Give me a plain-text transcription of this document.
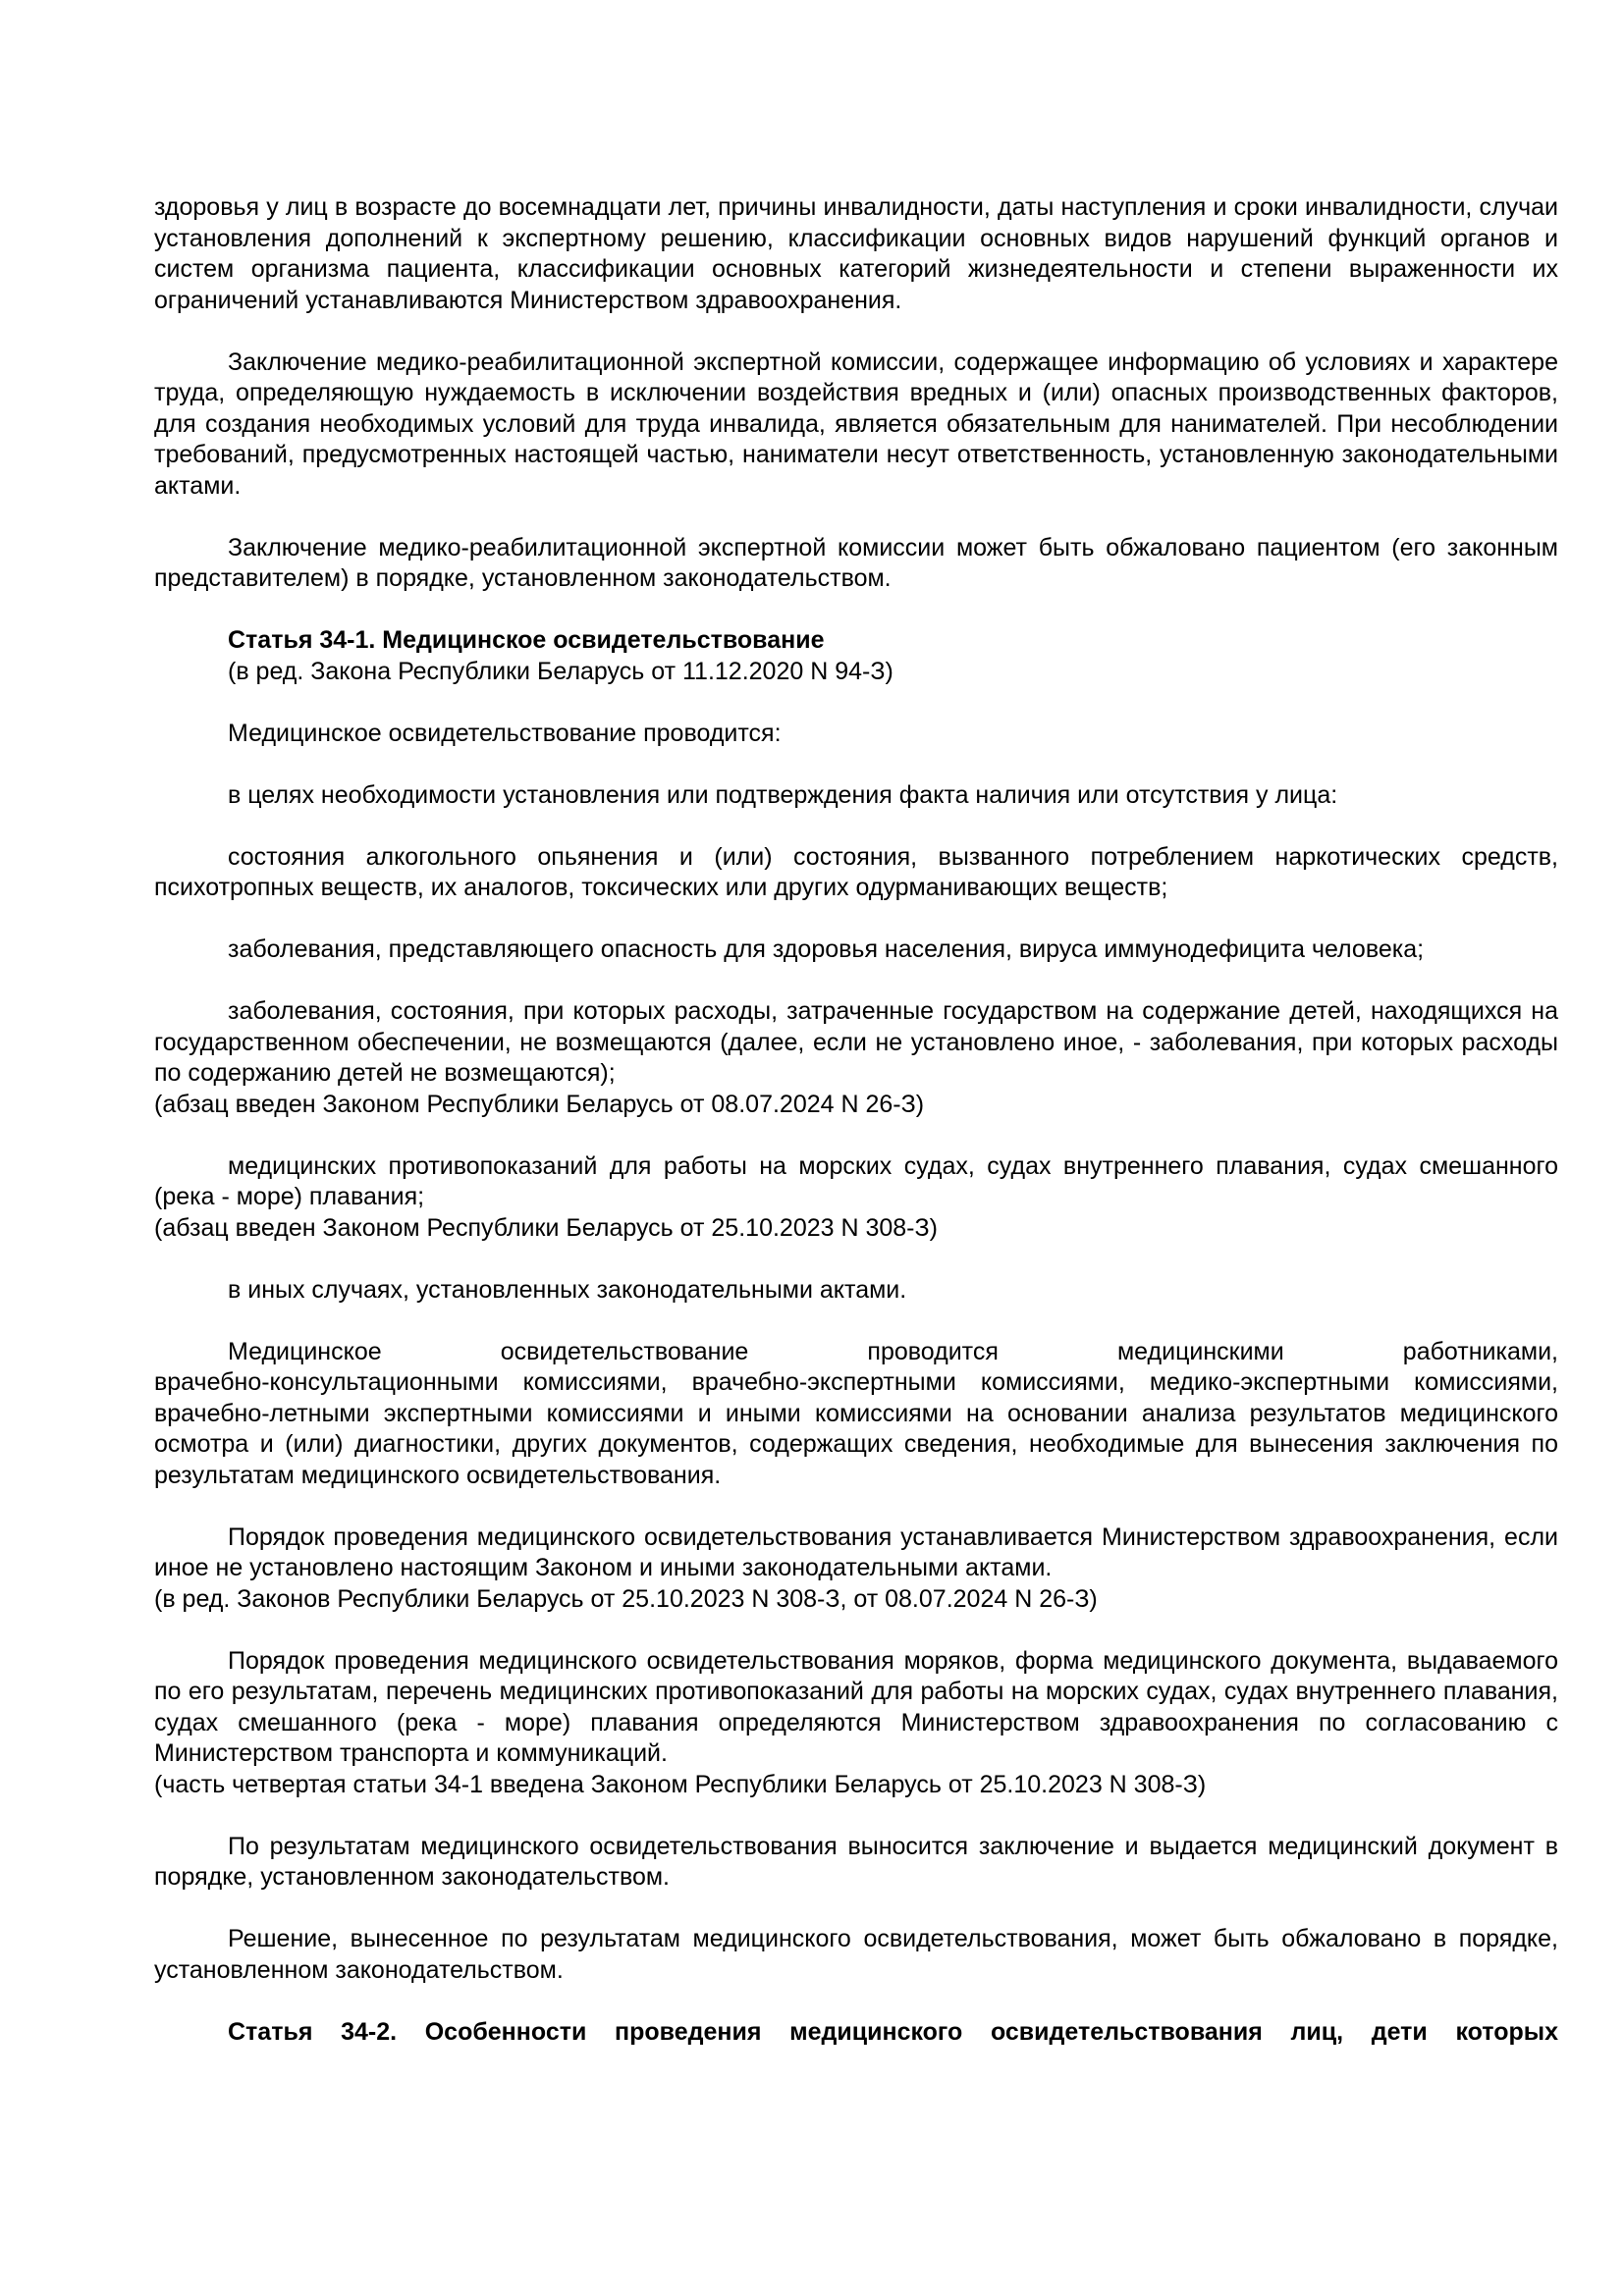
здоровья у лиц в возрасте до восемнадцати лет, причины инвалидности, даты наступления и сроки инвалидности, случаи установления дополнений к экспертному решению, классификации основных видов нарушений функций органов и систем организма пациента, классификации основных категорий жизнедеятельности и степени выраженности их ограничений устанавливаются Министерством здравоохранения.

Заключение медико-реабилитационной экспертной комиссии, содержащее информацию об условиях и характере труда, определяющую нуждаемость в исключении воздействия вредных и (или) опасных производственных факторов, для создания необходимых условий для труда инвалида, является обязательным для нанимателей. При несоблюдении требований, предусмотренных настоящей частью, наниматели несут ответственность, установленную законодательными актами.

Заключение медико-реабилитационной экспертной комиссии может быть обжаловано пациентом (его законным представителем) в порядке, установленном законодательством.

Статья 34-1. Медицинское освидетельствование
(в ред. Закона Республики Беларусь от 11.12.2020 N 94-З)

Медицинское освидетельствование проводится:

в целях необходимости установления или подтверждения факта наличия или отсутствия у лица:

состояния алкогольного опьянения и (или) состояния, вызванного потреблением наркотических средств, психотропных веществ, их аналогов, токсических или других одурманивающих веществ;

заболевания, представляющего опасность для здоровья населения, вируса иммунодефицита человека;

заболевания, состояния, при которых расходы, затраченные государством на содержание детей, находящихся на государственном обеспечении, не возмещаются (далее, если не установлено иное, - заболевания, при которых расходы по содержанию детей не возмещаются);
(абзац введен Законом Республики Беларусь от 08.07.2024 N 26-З)
медицинских противопоказаний для работы на морских судах, судах внутреннего плавания, судах смешанного (река - море) плавания;
(абзац введен Законом Республики Беларусь от 25.10.2023 N 308-З)

в иных случаях, установленных законодательными актами.

Медицинское освидетельствование проводится медицинскими работниками,
врачебно-консультационными комиссиями, врачебно-экспертными комиссиями, медико-экспертными комиссиями, врачебно-летными экспертными комиссиями и иными комиссиями на основании анализа результатов медицинского осмотра и (или) диагностики, других документов, содержащих сведения, необходимые для вынесения заключения по результатам медицинского освидетельствования.
Порядок проведения медицинского освидетельствования устанавливается Министерством здравоохранения, если иное не установлено настоящим Законом и иными законодательными актами.
(в ред. Законов Республики Беларусь от 25.10.2023 N 308-З, от 08.07.2024 N 26-З)
Порядок проведения медицинского освидетельствования моряков, форма медицинского документа, выдаваемого по его результатам, перечень медицинских противопоказаний для работы на морских судах, судах внутреннего плавания, судах смешанного (река - море) плавания определяются Министерством здравоохранения по согласованию с Министерством транспорта и коммуникаций.
(часть четвертая статьи 34-1 введена Законом Республики Беларусь от 25.10.2023 N 308-З)

По результатам медицинского освидетельствования выносится заключение и выдается медицинский документ в порядке, установленном законодательством.

Решение, вынесенное по результатам медицинского освидетельствования, может быть обжаловано в порядке, установленном законодательством.

Статья 34-2. Особенности проведения медицинского освидетельствования лиц, дети которых
